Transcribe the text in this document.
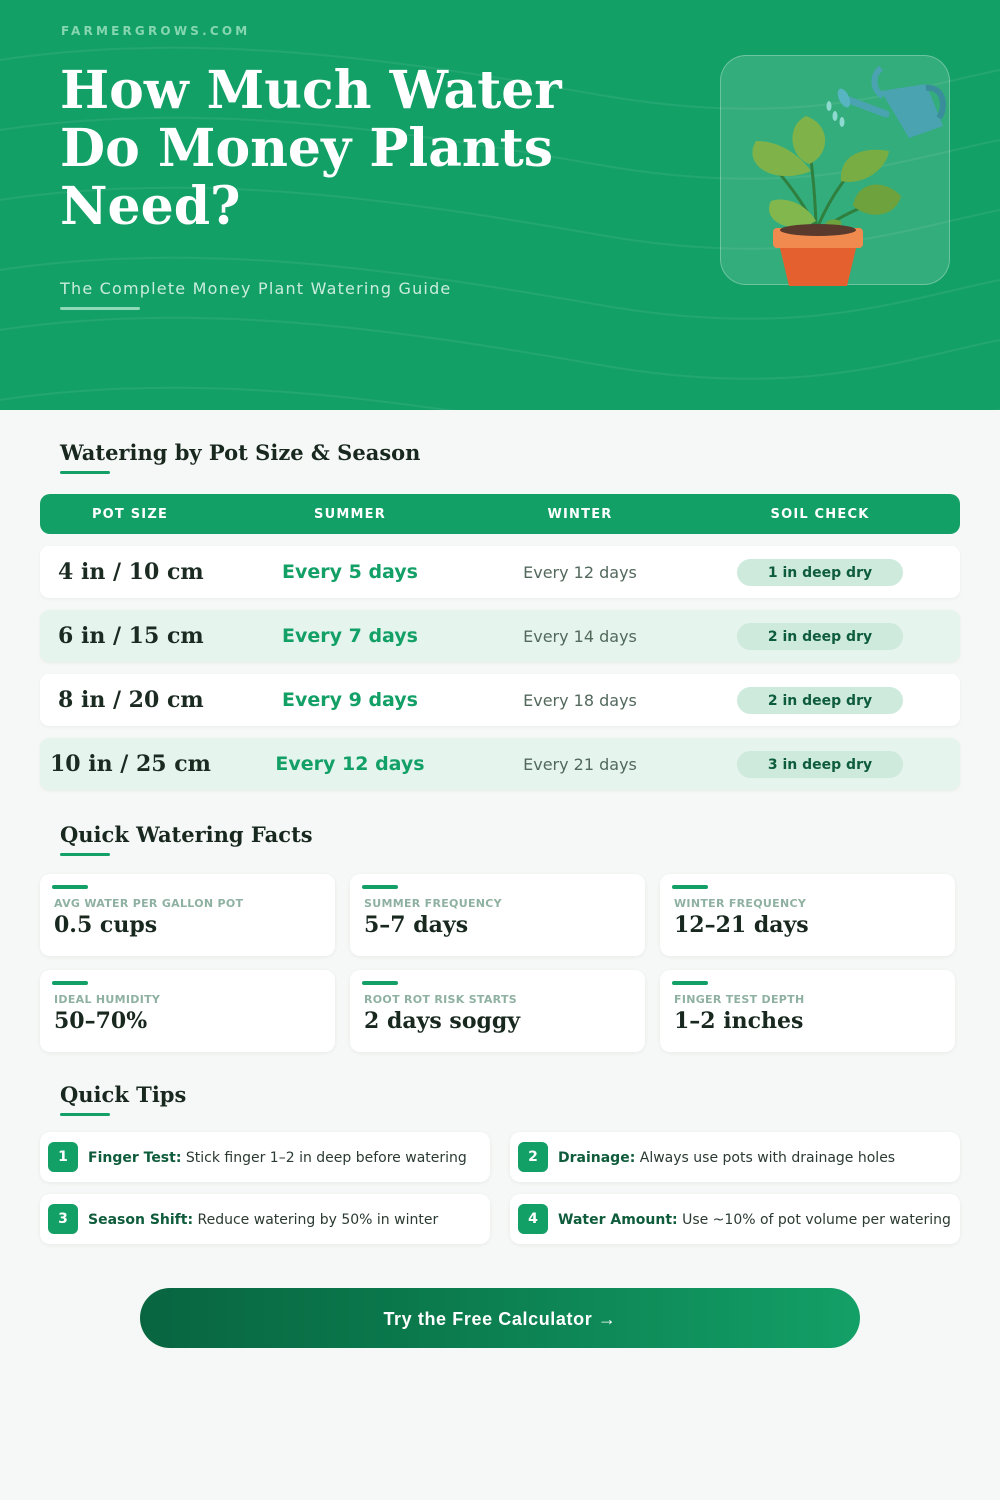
FARMERGROWS.COM
How Much Water
Do Money Plants
Need?
The Complete Money Plant Watering Guide
Watering by Pot Size & Season
POT SIZE	SUMMER	WINTER	SOIL CHECK
4 in / 10 cm	Every 5 days	Every 12 days	1 in deep dry
6 in / 15 cm	Every 7 days	Every 14 days	2 in deep dry
8 in / 20 cm	Every 9 days	Every 18 days	2 in deep dry
10 in / 25 cm	Every 12 days	Every 21 days	3 in deep dry
Quick Watering Facts
AVG WATER PER GALLON POT
0.5 cups
SUMMER FREQUENCY
5–7 days
WINTER FREQUENCY
12–21 days
IDEAL HUMIDITY
50–70%
ROOT ROT RISK STARTS
2 days soggy
FINGER TEST DEPTH
1–2 inches
Quick Tips
1	Finger Test: Stick finger 1–2 in deep before watering	2	Drainage: Always use pots with drainage holes
3	Season Shift: Reduce watering by 50% in winter	4	Water Amount: Use ~10% of pot volume per watering
Try the Free Calculator →
